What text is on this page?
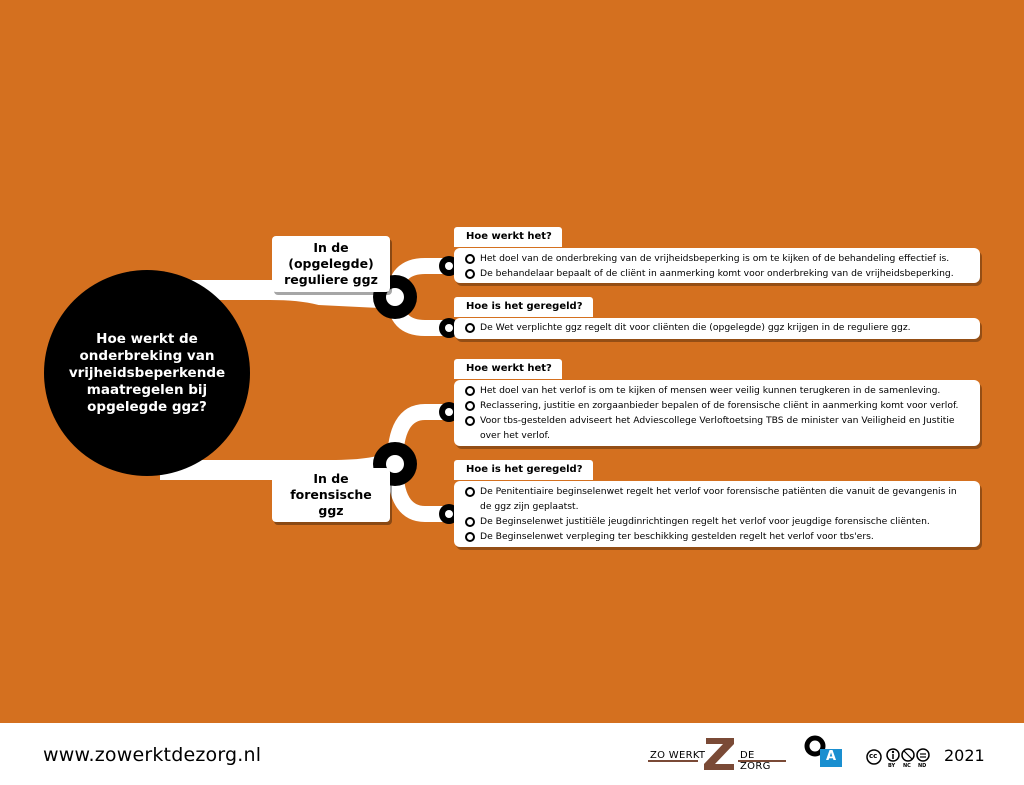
Hoe werkt de onderbreking van vrijheidsbeperkende maatregelen bij opgelegde ggz?
In de (opgelegde) reguliere ggz
In de forensische ggz
Hoe werkt het?
Het doel van de onderbreking van de vrijheidsbeperking is om te kijken of de behandeling effectief is.
De behandelaar bepaalt of de cliënt in aanmerking komt voor onderbreking van de vrijheidsbeperking.
Hoe is het geregeld?
De Wet verplichte ggz regelt dit voor cliënten die (opgelegde) ggz krijgen in de reguliere ggz.
Hoe werkt het?
Het doel van het verlof is om te kijken of mensen weer veilig kunnen terugkeren in de samenleving.
Reclassering, justitie en zorgaanbieder bepalen of de forensische cliënt in aanmerking komt voor verlof.
Voor tbs-gestelden adviseert het Adviescollege Verloftoetsing TBS de minister van Veiligheid en Justitie
over het verlof.
Hoe is het geregeld?
De Penitentiaire beginselenwet regelt het verlof voor forensische patiënten die vanuit de gevangenis in
de ggz zijn geplaatst.
De Beginselenwet justitiële jeugdinrichtingen regelt het verlof voor jeugdige forensische cliënten.
De Beginselenwet verpleging ter beschikking gestelden regelt het verlof voor tbs'ers.
www.zowerktdezorg.nl	ZO WERKT	DE ZORG
A	cc
BY NC ND
2021
